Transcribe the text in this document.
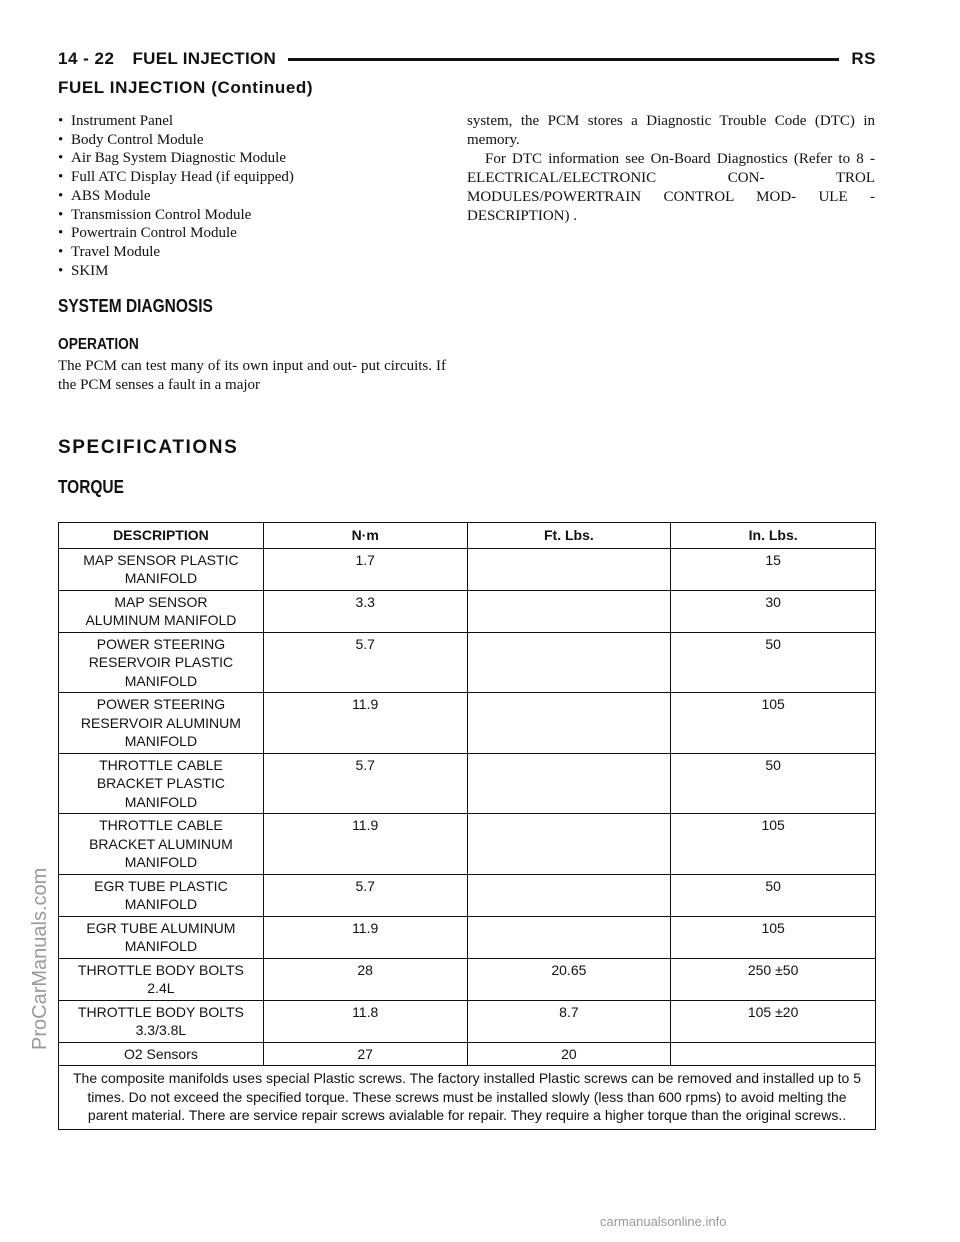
14 - 22 FUEL INJECTION	RS
FUEL INJECTION (Continued)
• Instrument Panel
• Body Control Module
• Air Bag System Diagnostic Module
• Full ATC Display Head (if equipped)
• ABS Module
• Transmission Control Module
• Powertrain Control Module
• Travel Module
• SKIM
SYSTEM DIAGNOSIS
OPERATION

The PCM can test many of its own input and out- put circuits. If the PCM senses a fault in a major

system, the PCM stores a Diagnostic Trouble Code (DTC) in memory.

For DTC information see On-Board Diagnostics (Refer to 8 - ELECTRICAL/ELECTRONIC CON- TROL MODULES/POWERTRAIN CONTROL MOD- ULE - DESCRIPTION) .

SPECIFICATIONS
TORQUE
DESCRIPTION	N·m	Ft. Lbs.	In. Lbs.
MAP SENSOR PLASTIC
MANIFOLD	1.7		15
MAP SENSOR
ALUMINUM MANIFOLD	3.3		30
POWER STEERING
RESERVOIR PLASTIC
MANIFOLD	5.7		50
POWER STEERING
RESERVOIR ALUMINUM
MANIFOLD	11.9		105
THROTTLE CABLE
BRACKET PLASTIC
MANIFOLD	5.7		50
THROTTLE CABLE
BRACKET ALUMINUM
MANIFOLD	11.9		105
EGR TUBE PLASTIC
MANIFOLD	5.7		50
EGR TUBE ALUMINUM
MANIFOLD	11.9		105
THROTTLE BODY BOLTS
2.4L	28	20.65	250 ±50
THROTTLE BODY BOLTS
3.3/3.8L	11.8	8.7	105 ±20
O2 Sensors	27	20	
The composite manifolds uses special Plastic screws. The factory installed Plastic screws can be removed and installed up to 5 times. Do not exceed the specified torque. These screws must be installed slowly (less than 600 rpms) to avoid melting the parent material. There are service repair screws avialable for repair. They require a higher torque than the original screws..			
ProCarManuals.com
carmanualsonline.info
